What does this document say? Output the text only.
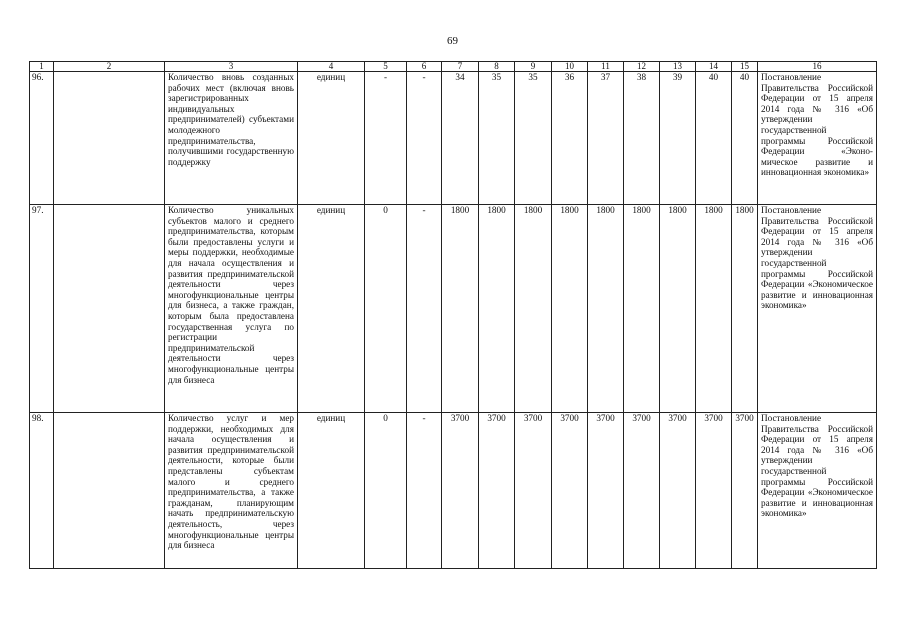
69
1	2	3	4	5	6	7	8	9	10	11	12	13	14	15	16
96.		Количество вновь созданных рабочих мест (включая вновь зарегистрированных индивидуальных предпринимателей) субъектами молодежного предпринимательства, получившими государственную поддержку	единиц	-	-	34	35	35	36	37	38	39	40	40	Постановление Правительства Российской Федерации от 15 апреля 2014 года № 316 «Об утверждении государственной программы Российской Федерации «Эконо-мическое развитие и инновационная экономика»
97.		Количество уникальных субъектов малого и среднего предпринимательства, которым были предоставлены услуги и меры поддержки, необходимые для начала осуществления и развития предпринимательской деятельности через многофункциональные центры для бизнеса, а также граждан, которым была предоставлена государственная услуга по регистрации предпринимательской деятельности через многофункциональные центры для бизнеса	единиц	0	-	1800	1800	1800	1800	1800	1800	1800	1800	1800	Постановление Правительства Российской Федерации от 15 апреля 2014 года № 316 «Об утверждении государственной программы Российской Федерации «Экономическое развитие и инновационная экономика»
98.		Количество услуг и мер поддержки, необходимых для начала осуществления и развития предпринимательской деятельности, которые были представлены субъектам малого и среднего предпринимательства, а также гражданам, планирующим начать предпринимательскую деятельность, через многофункциональные центры для бизнеса	единиц	0	-	3700	3700	3700	3700	3700	3700	3700	3700	3700	Постановление Правительства Российской Федерации от 15 апреля 2014 года № 316 «Об утверждении государственной программы Российской Федерации «Экономическое развитие и инновационная экономика»
